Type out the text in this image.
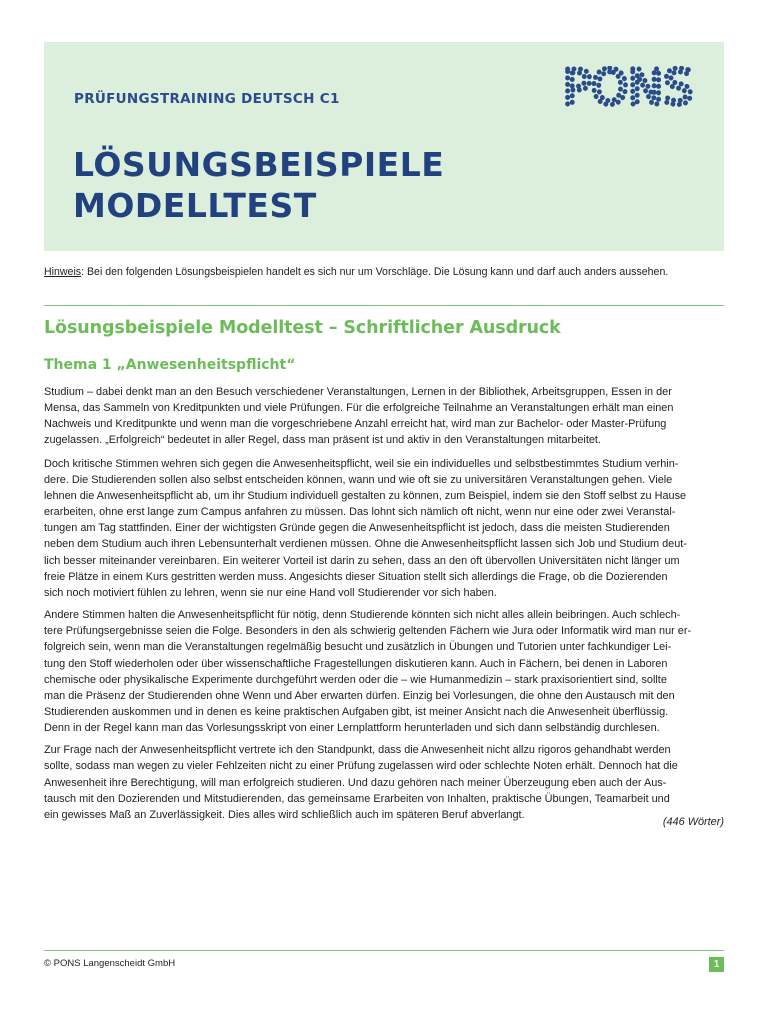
PRÜFUNGSTRAINING DEUTSCH C1
LÖSUNGSBEISPIELE
MODELLTEST
PONS
Hinweis: Bei den folgenden Lösungsbeispielen handelt es sich nur um Vorschläge. Die Lösung kann und darf auch anders aussehen.
Lösungsbeispiele Modelltest – Schriftlicher Ausdruck
Thema 1 „Anwesenheitspflicht“
Studium – dabei denkt man an den Besuch verschiedener Veranstaltungen, Lernen in der Bibliothek, Arbeitsgruppen, Essen in der
Mensa, das Sammeln von Kreditpunkten und viele Prüfungen. Für die erfolgreiche Teilnahme an Veranstaltungen erhält man einen
Nachweis und Kreditpunkte und wenn man die vorgeschriebene Anzahl erreicht hat, wird man zur Bachelor- oder Master-Prüfung
zugelassen. „Erfolgreich“ bedeutet in aller Regel, dass man präsent ist und aktiv in den Veranstaltungen mitarbeitet.
Doch kritische Stimmen wehren sich gegen die Anwesenheitspflicht, weil sie ein individuelles und selbstbestimmtes Studium verhin-
dere. Die Studierenden sollen also selbst entscheiden können, wann und wie oft sie zu universitären Veranstaltungen gehen. Viele
lehnen die Anwesenheitspflicht ab, um ihr Studium individuell gestalten zu können, zum Beispiel, indem sie den Stoff selbst zu Hause
erarbeiten, ohne erst lange zum Campus anfahren zu müssen. Das lohnt sich nämlich oft nicht, wenn nur eine oder zwei Veranstal-
tungen am Tag stattfinden. Einer der wichtigsten Gründe gegen die Anwesenheitspflicht ist jedoch, dass die meisten Studierenden
neben dem Studium auch ihren Lebensunterhalt verdienen müssen. Ohne die Anwesenheitspflicht lassen sich Job und Studium deut-
lich besser miteinander vereinbaren. Ein weiterer Vorteil ist darin zu sehen, dass an den oft übervollen Universitäten nicht länger um
freie Plätze in einem Kurs gestritten werden muss. Angesichts dieser Situation stellt sich allerdings die Frage, ob die Dozierenden
sich noch motiviert fühlen zu lehren, wenn sie nur eine Hand voll Studierender vor sich haben.
Andere Stimmen halten die Anwesenheitspflicht für nötig, denn Studierende könnten sich nicht alles allein beibringen. Auch schlech-
tere Prüfungsergebnisse seien die Folge. Besonders in den als schwierig geltenden Fächern wie Jura oder Informatik wird man nur er-
folgreich sein, wenn man die Veranstaltungen regelmäßig besucht und zusätzlich in Übungen und Tutorien unter fachkundiger Lei-
tung den Stoff wiederholen oder über wissenschaftliche Fragestellungen diskutieren kann. Auch in Fächern, bei denen in Laboren
chemische oder physikalische Experimente durchgeführt werden oder die – wie Humanmedizin – stark praxisorientiert sind, sollte
man die Präsenz der Studierenden ohne Wenn und Aber erwarten dürfen. Einzig bei Vorlesungen, die ohne den Austausch mit den
Studierenden auskommen und in denen es keine praktischen Aufgaben gibt, ist meiner Ansicht nach die Anwesenheit überflüssig.
Denn in der Regel kann man das Vorlesungsskript von einer Lernplattform herunterladen und sich dann selbständig durchlesen.
Zur Frage nach der Anwesenheitspflicht vertrete ich den Standpunkt, dass die Anwesenheit nicht allzu rigoros gehandhabt werden
sollte, sodass man wegen zu vieler Fehlzeiten nicht zu einer Prüfung zugelassen wird oder schlechte Noten erhält. Dennoch hat die
Anwesenheit ihre Berechtigung, will man erfolgreich studieren. Und dazu gehören nach meiner Überzeugung eben auch der Aus-
tausch mit den Dozierenden und Mitstudierenden, das gemeinsame Erarbeiten von Inhalten, praktische Übungen, Teamarbeit und
ein gewisses Maß an Zuverlässigkeit. Dies alles wird schließlich auch im späteren Beruf abverlangt.
(446 Wörter)
© PONS Langenscheidt GmbH	1
